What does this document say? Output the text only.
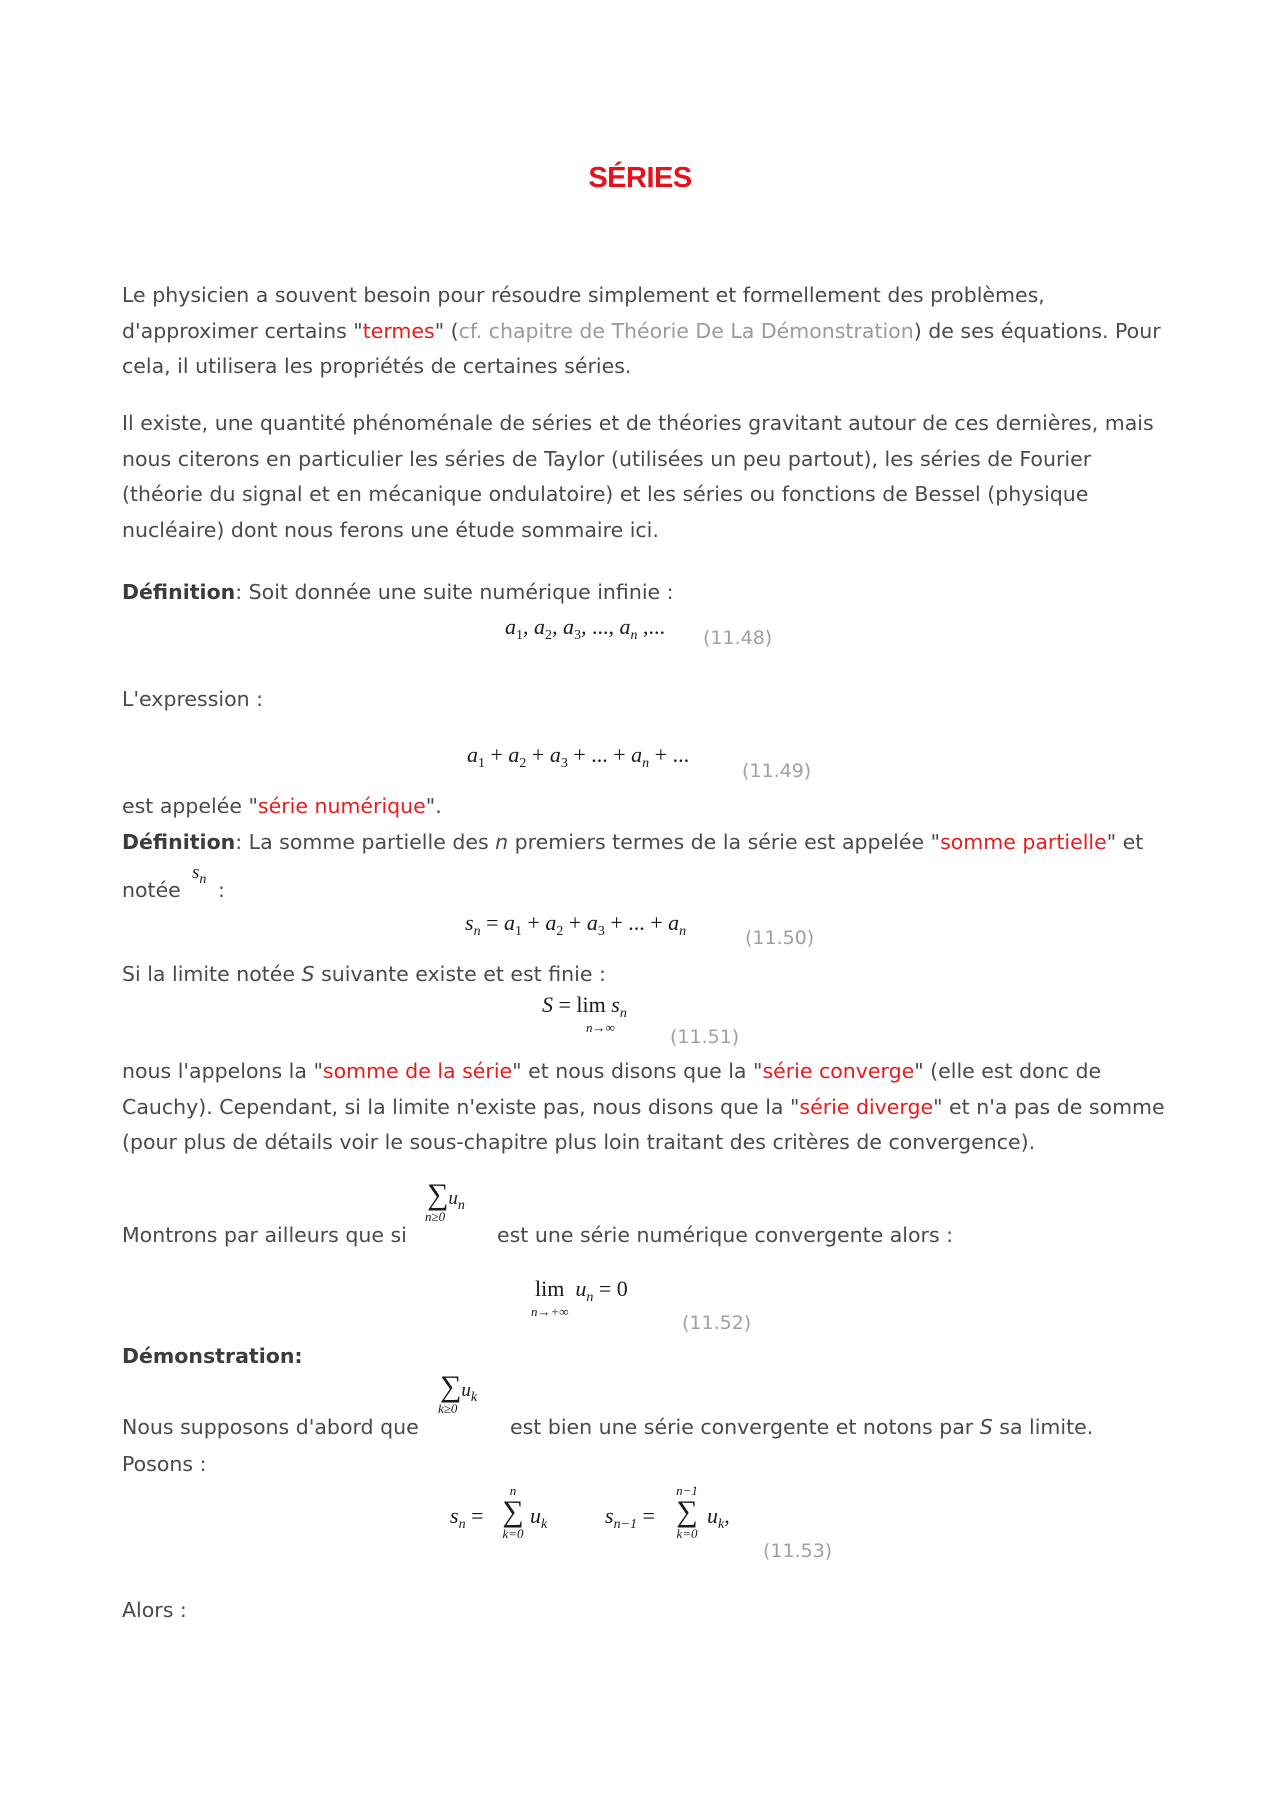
SÉRIES
Le physicien a souvent besoin pour résoudre simplement et formellement des problèmes, d'approximer certains "termes" (cf. chapitre de Théorie De La Démonstration) de ses équations. Pour cela, il utilisera les propriétés de certaines séries.
Il existe, une quantité phénoménale de séries et de théories gravitant autour de ces dernières, mais nous citerons en particulier les séries de Taylor (utilisées un peu partout), les séries de Fourier (théorie du signal et en mécanique ondulatoire) et les séries ou fonctions de Bessel (physique nucléaire) dont nous ferons une étude sommaire ici.
Définition: Soit donnée une suite numérique infinie :
$a_1$, $a_2$, $a_3$, ..., $a_n$ ,... (11.48)
L'expression :
$a_1 + a_2 + a_3$ + ... + $a_n$ + ...
(11.49)
est appelée "série numérique".
Définition: La somme partielle des n premiers termes de la série est appelée "somme partielle" et
notée
$s_n$ :
$s_n = a_1 + a_2 + a_3$ + ... + $a_n$	(11.50)
Si la limite notée S suivante existe et est finie :
$S = \lim s_n$
n→∞	(11.51)
nous l'appelons la "somme de la série" et nous disons que la "série converge" (elle est donc de Cauchy). Cependant, si la limite n'existe pas, nous disons que la "série diverge" et n'a pas de somme (pour plus de détails voir le sous-chapitre plus loin traitant des critères de convergence).
$\sum u_n$
$^{n\ge 0}$
Montrons par ailleurs que si	est une série numérique convergente alors :
$\lim u_n = 0$
n→+∞
(11.52)
Démonstration:
$\sum u_k$
$^{k\ge 0}$
Nous supposons d'abord que	est bien une série convergente et notons par S sa limite.
Posons :
$s_n$ =
n
∑
k=0
$u_k$	$s_{n-1}$ =
n−1
∑
k=0
$u_k$,
(11.53)
Alors :
